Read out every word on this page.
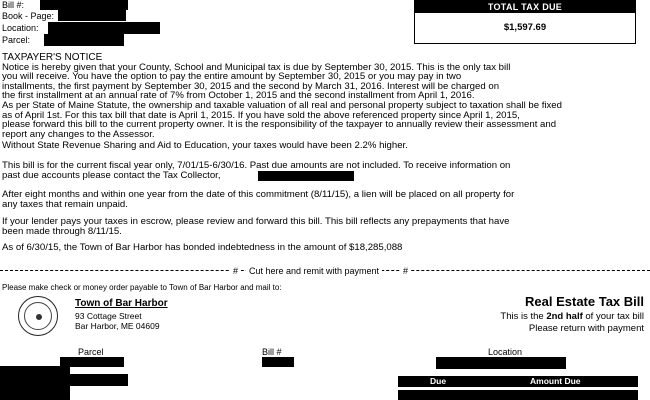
Bill #:
Book - Page:
Location:
Parcel:
TOTAL TAX DUE
$1,597.69

TAXPAYER'S NOTICE

Notice is hereby given that your County, School and Municipal tax is due by September 30, 2015. This is the only tax bill

you will receive. You have the option to pay the entire amount by September 30, 2015 or you may pay in two

installments, the first payment by September 30, 2015 and the second by March 31, 2016. Interest will be charged on

the first installment at an annual rate of 7% from October 1, 2015 and the second installment from April 1, 2016.

As per State of Maine Statute, the ownership and taxable valuation of all real and personal property subject to taxation shall be fixed

as of April 1st. For this tax bill that date is April 1, 2015. If you have sold the above referenced property since April 1, 2015,

please forward this bill to the current property owner. It is the responsibility of the taxpayer to annually review their assessment and

report any changes to the Assessor.

Without State Revenue Sharing and Aid to Education, your taxes would have been 2.2% higher.
This bill is for the current fiscal year only, 7/01/15-6/30/16. Past due amounts are not included. To receive information on
past due accounts please contact the Tax Collector,
After eight months and within one year from the date of this commitment (8/11/15), a lien will be placed on all property for
any taxes that remain unpaid.
If your lender pays your taxes in escrow, please review and forward this bill. This bill reflects any prepayments that have
been made through 8/11/15.
As of 6/30/15, the Town of Bar Harbor has bonded indebtedness in the amount of $18,285,088
#	Cut here and remit with payment	#
Please make check or money order payable to Town of Bar Harbor and mail to:
Town of Bar Harbor
93 Cottage Street
Bar Harbor, ME 04609
Real Estate Tax Bill
This is the 2nd half of your tax bill
Please return with payment
Parcel	Bill #	Location
Due	Amount Due
